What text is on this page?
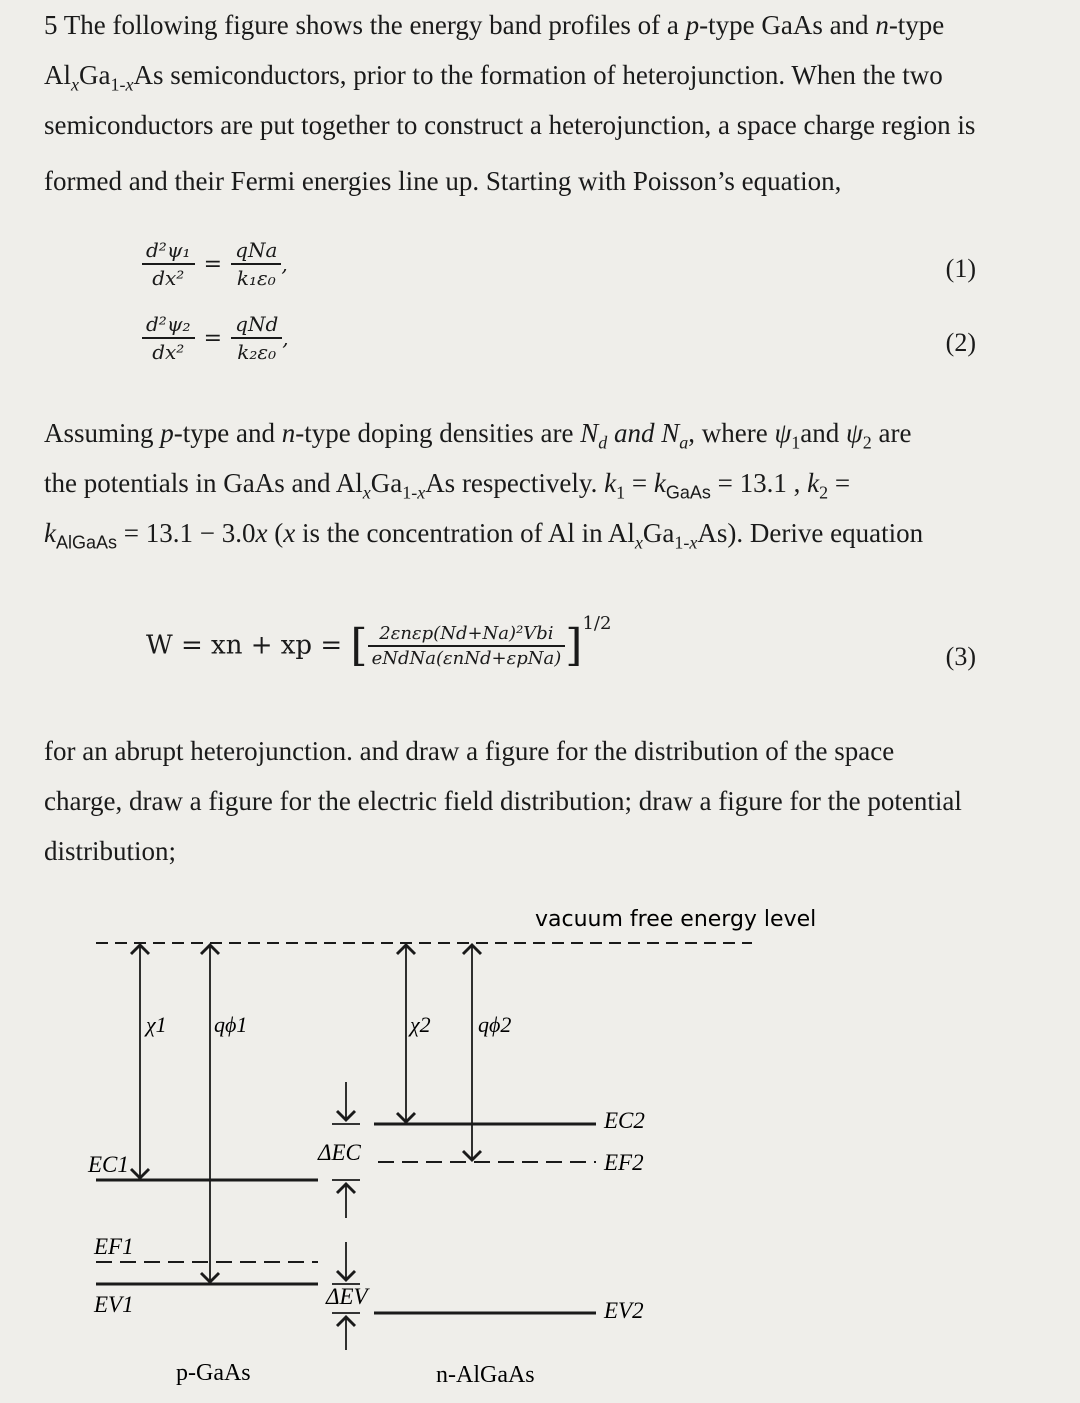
5 The following figure shows the energy band profiles of a p-type GaAs and n-type
$Al_xGa_{1-x}As$ semiconductors, prior to the formation of heterojunction. When the two
semiconductors are put together to construct a heterojunction, a space charge region is
formed and their Fermi energies line up. Starting with Poisson’s equation,
$\frac{\text{d²ψ₁}}{\text{dx²}} = \frac{\text{qNa}}{\text{k₁ε₀}}$ ,	(1)
$\frac{\text{d²ψ₂}}{\text{dx²}} = \frac{\text{qNd}}{\text{k₂ε₀}}$ ,	(2)
Assuming p-type and n-type doping densities are $N_d$ and $N_a$, where $\psi_1and$ $\psi_2$ are
the potentials in GaAs and $Al_xGa_{1-x}As$ respectively. $k_1 = k_{GaAs} = 13.1$ , $k_2$ =
$k_{AlGaAs} = 13.1 - 3.0x$ (x is the concentration of Al in $Al_xGa_{1-x}As$). Derive equation
W = xn + xp = [ $\frac{\text{2εnεp(Nd+Na)²Vbi}}{\text{eNdNa(εnNd+εpNa)}} ]^{1/2}$
(3)
for an abrupt heterojunction. and draw a figure for the distribution of the space
charge, draw a figure for the electric field distribution; draw a figure for the potential
distribution;
vacuum free energy level
χ1 qϕ1	χ2 qϕ2
ΔEC
ΔEV
EC1
EF1
EV1
EC2
EF2
EV2
p-GaAs	n-AlGaAs
